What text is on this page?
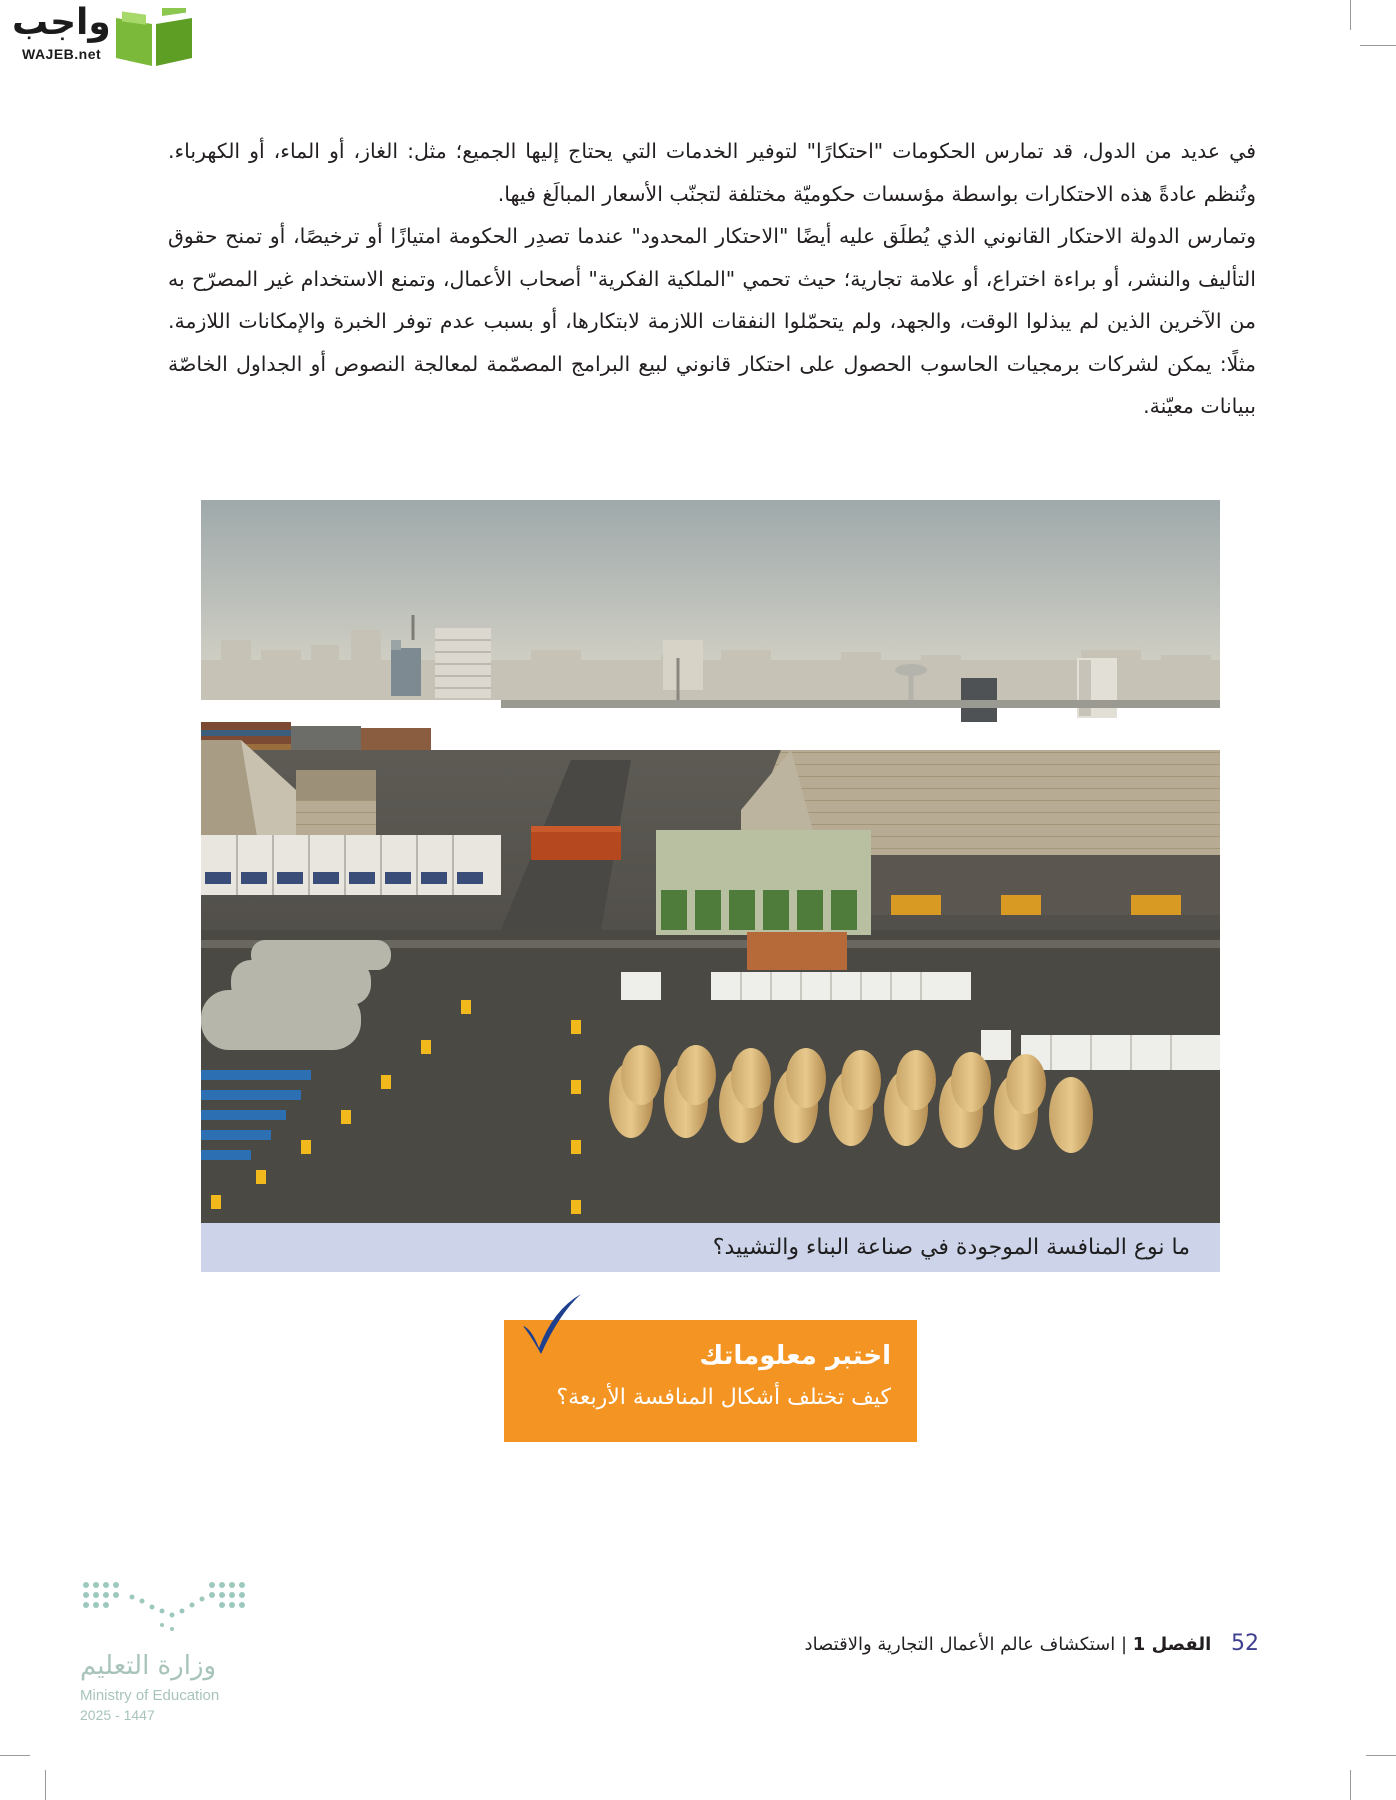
واجب
WAJEB.net

في عديد من الدول، قد تمارس الحكومات "احتكارًا" لتوفير الخدمات التي يحتاج إليها الجميع؛ مثل: الغاز، أو الماء، أو الكهرباء. وتُنظم عادةً هذه الاحتكارات بواسطة مؤسسات حكوميّة مختلفة لتجنّب الأسعار المبالَغ فيها.

وتمارس الدولة الاحتكار القانوني الذي يُطلَق عليه أيضًا "الاحتكار المحدود" عندما تصدِر الحكومة امتيازًا أو ترخيصًا، أو تمنح حقوق التأليف والنشر، أو براءة اختراع، أو علامة تجارية؛ حيث تحمي "الملكية الفكرية" أصحاب الأعمال، وتمنع الاستخدام غير المصرّح به من الآخرين الذين لم يبذلوا الوقت، والجهد، ولم يتحمّلوا النفقات اللازمة لابتكارها، أو بسبب عدم توفر الخبرة والإمكانات اللازمة. مثلًا: يمكن لشركات برمجيات الحاسوب الحصول على احتكار قانوني لبيع البرامج المصمّمة لمعالجة النصوص أو الجداول الخاصّة ببيانات معيّنة.

ما نوع المنافسة الموجودة في صناعة البناء والتشييد؟
اختبر معلوماتك
كيف تختلف أشكال المنافسة الأربعة؟
وزارة التعليم
Ministry of Education
2025 - 1447
52 الفصل 1 | استكشاف عالم الأعمال التجارية والاقتصاد
